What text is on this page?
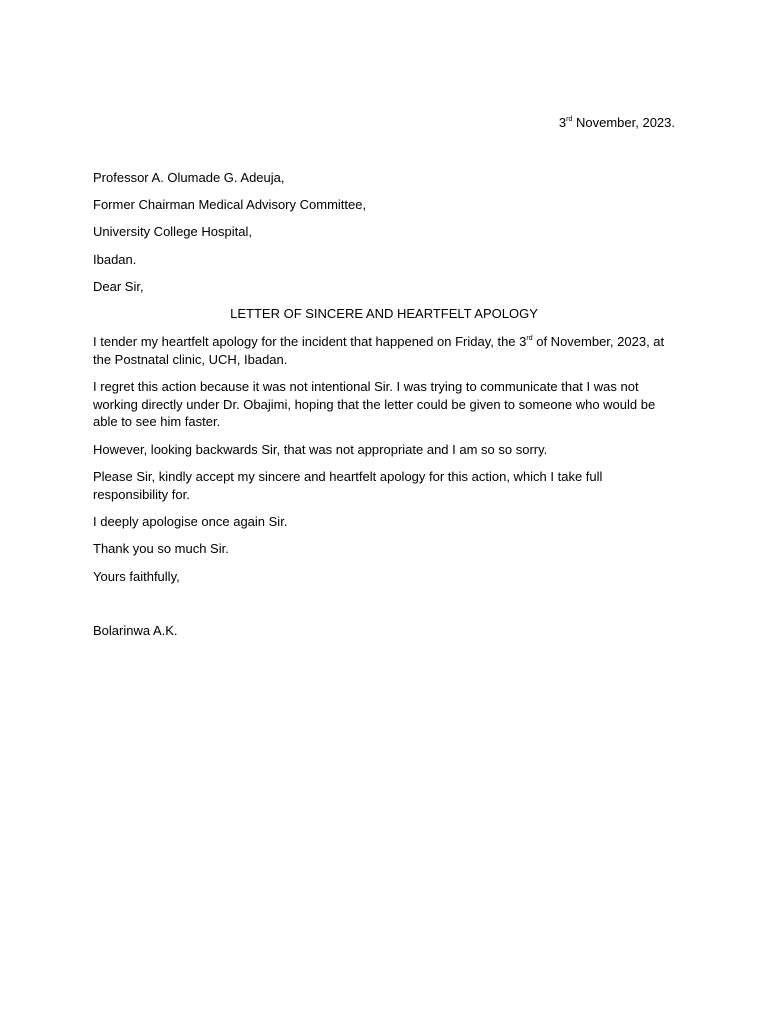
3rd November, 2023.
Professor A. Olumade G. Adeuja,
Former Chairman Medical Advisory Committee,
University College Hospital,
Ibadan.
Dear Sir,
LETTER OF SINCERE AND HEARTFELT APOLOGY
I tender my heartfelt apology for the incident that happened on Friday, the 3rd of November, 2023, at the Postnatal clinic, UCH, Ibadan.
I regret this action because it was not intentional Sir. I was trying to communicate that I was not working directly under Dr. Obajimi, hoping that the letter could be given to someone who would be able to see him faster.
However, looking backwards Sir, that was not appropriate and I am so so sorry.
Please Sir, kindly accept my sincere and heartfelt apology for this action, which I take full responsibility for.
I deeply apologise once again Sir.
Thank you so much Sir.
Yours faithfully,
Bolarinwa A.K.
